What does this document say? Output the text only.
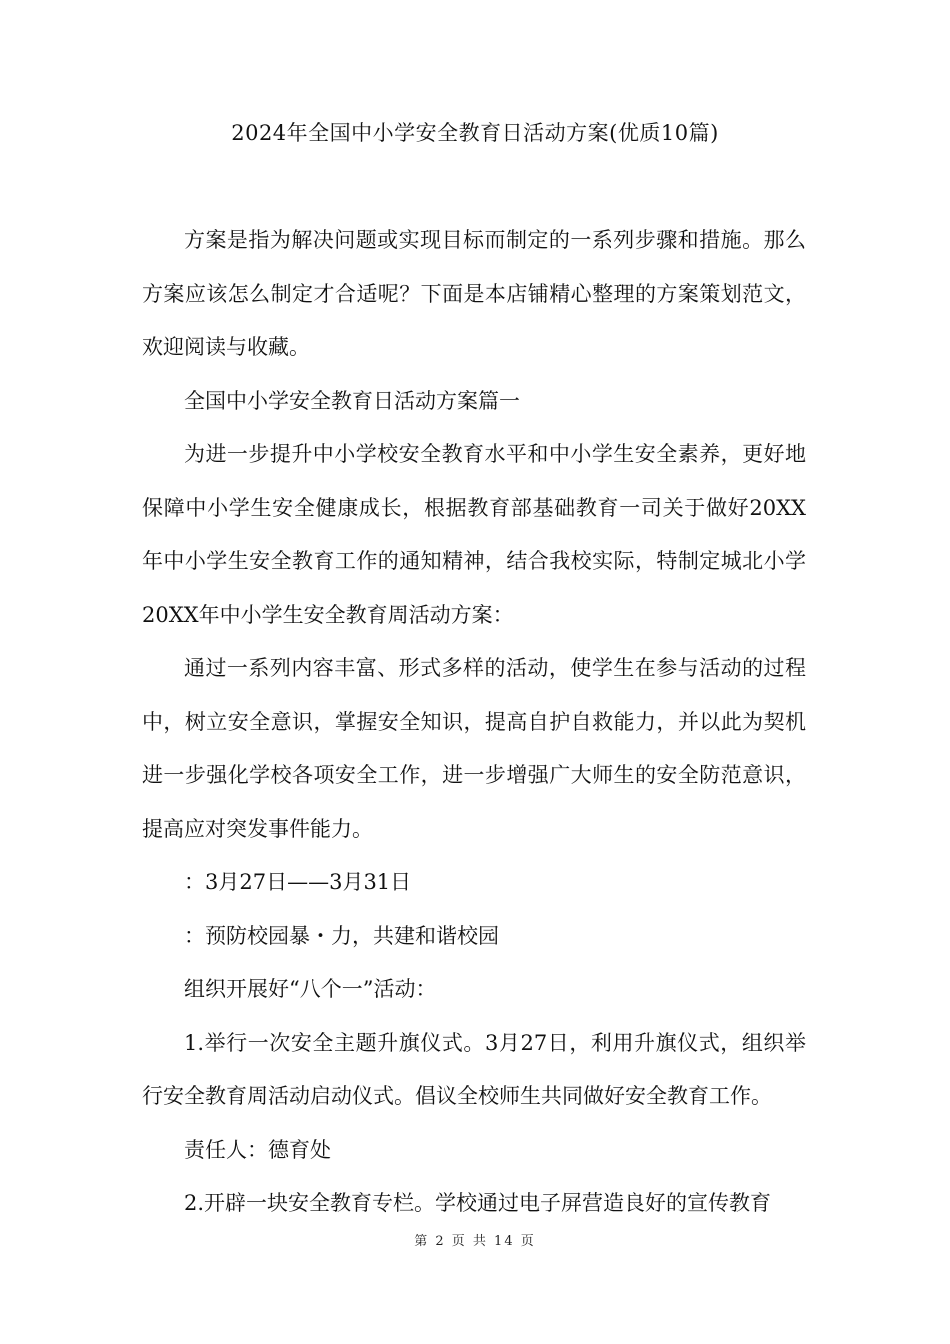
2024年全国中小学安全教育日活动方案(优质10篇)

方案是指为解决问题或实现目标而制定的一系列步骤和措施。那么方案应该怎么制定才合适呢？下面是本店铺精心整理的方案策划范文，欢迎阅读与收藏。

全国中小学安全教育日活动方案篇一

为进一步提升中小学校安全教育水平和中小学生安全素养，更好地保障中小学生安全健康成长，根据教育部基础教育一司关于做好20XX年中小学生安全教育工作的通知精神，结合我校实际，特制定城北小学20XX年中小学生安全教育周活动方案：

通过一系列内容丰富、形式多样的活动，使学生在参与活动的过程中，树立安全意识，掌握安全知识，提高自护自救能力，并以此为契机进一步强化学校各项安全工作，进一步增强广大师生的安全防范意识，提高应对突发事件能力。

：3月27日——3月31日

：预防校园暴・力，共建和谐校园

组织开展好“八个一”活动：

1.举行一次安全主题升旗仪式。3月27日，利用升旗仪式，组织举行安全教育周活动启动仪式。倡议全校师生共同做好安全教育工作。

责任人：德育处

2.开辟一块安全教育专栏。学校通过电子屏营造良好的宣传教育

第 2 页 共 14 页
